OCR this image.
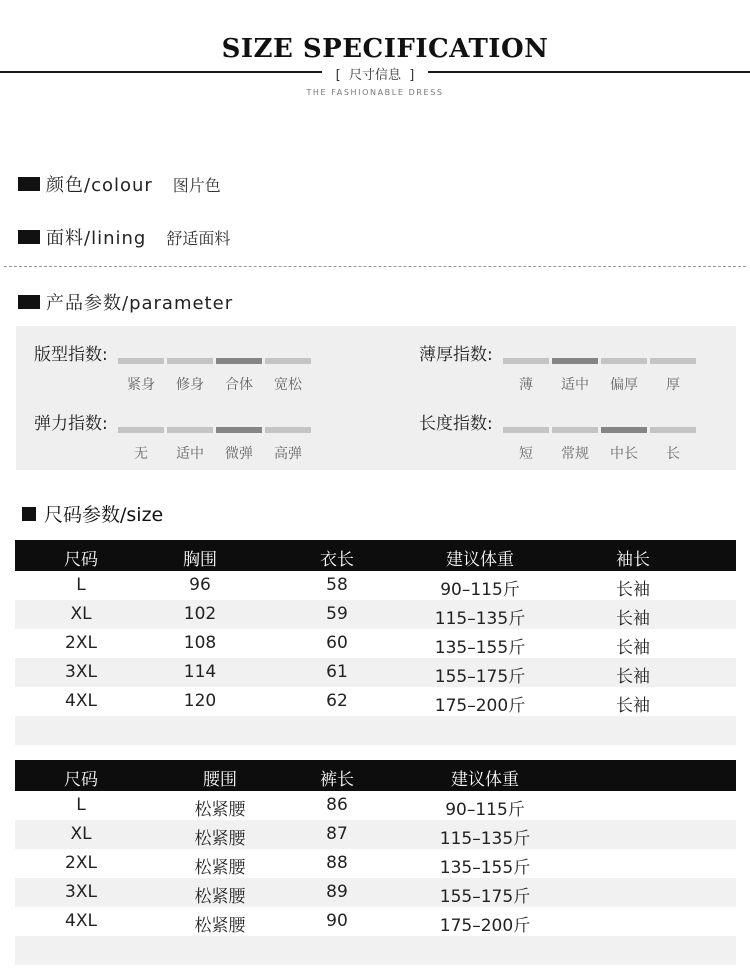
SIZE SPECIFICATION
[  尺寸信息  ]
THE FASHIONABLE DRESS
颜色/colour 图片色
面料/lining 舒适面料
产品参数/parameter
版型指数:
紧身	修身	合体	宽松
薄厚指数:
薄	适中	偏厚	厚
弹力指数:
无	适中	微弹	高弹
长度指数:
短	常规	中长	长
尺码参数/size
尺码	胸围	衣长	建议体重	袖长
L	96	58	90–115斤	长袖
XL	102	59	115–135斤	长袖
2XL	108	60	135–155斤	长袖
3XL	114	61	155–175斤	长袖
4XL	120	62	175–200斤	长袖
尺码	腰围	裤长	建议体重
L	松紧腰	86	90–115斤
XL	松紧腰	87	115–135斤
2XL	松紧腰	88	135–155斤
3XL	松紧腰	89	155–175斤
4XL	松紧腰	90	175–200斤
